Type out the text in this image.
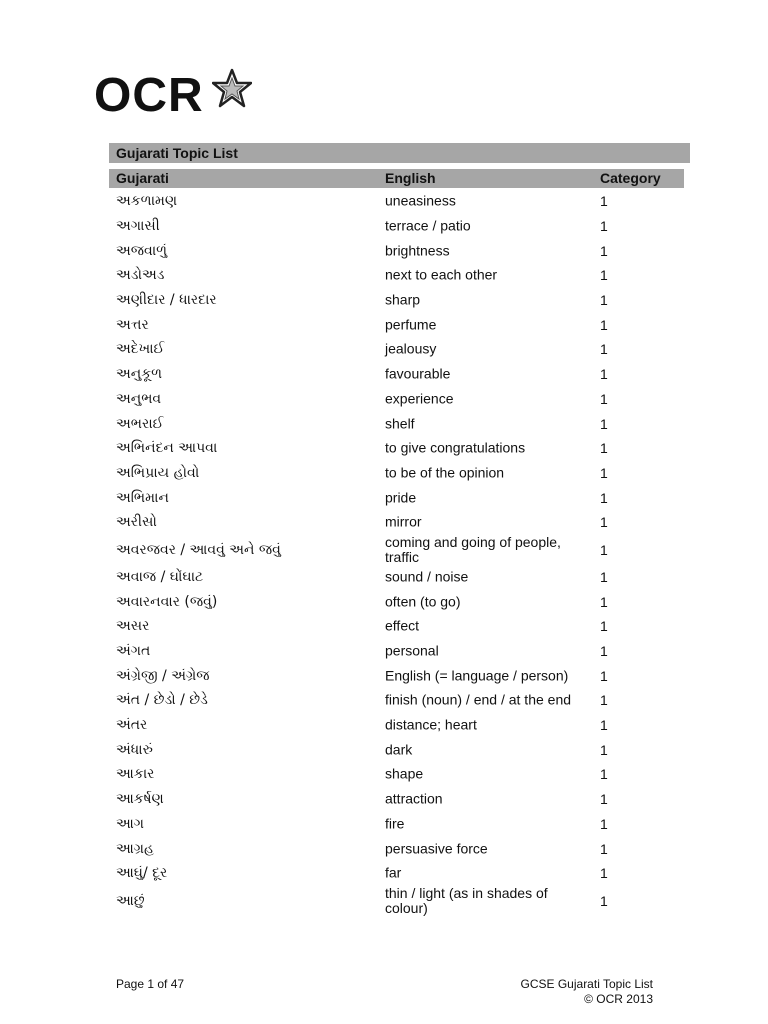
OCR
Gujarati Topic List
Gujarati	English	Category
અકળામણ	uneasiness	1
અગાસી	terrace / patio	1
અજવાળું	brightness	1
અડોઅડ	next to each other	1
અણીદાર / ધારદાર	sharp	1
અત્તર	perfume	1
અદેખાઈ	jealousy	1
અનુકૂળ	favourable	1
અનુભવ	experience	1
અભરાઈ	shelf	1
અભિનંદન આપવા	to give congratulations	1
અભિપ્રાય હોવો	to be of the opinion	1
અભિમાન	pride	1
અરીસો	mirror	1
અવરજવર / આવવું અને જવું	coming and going of people, traffic	1
અવાજ / ઘોંઘાટ	sound / noise	1
અવારનવાર (જવું)	often (to go)	1
અસર	effect	1
અંગત	personal	1
અંગ્રેજી / અંગ્રેજ	English (= language / person)	1
અંત / છેડો / છેડે	finish (noun) / end / at the end	1
અંતર	distance; heart	1
અંધારું	dark	1
આકાર	shape	1
આકર્ષણ	attraction	1
આગ	fire	1
આગ્રહ	persuasive force	1
આઘું/ દૂર	far	1
આછું	thin / light (as in shades of colour)	1
Page 1 of 47	GCSE Gujarati Topic List
© OCR 2013
